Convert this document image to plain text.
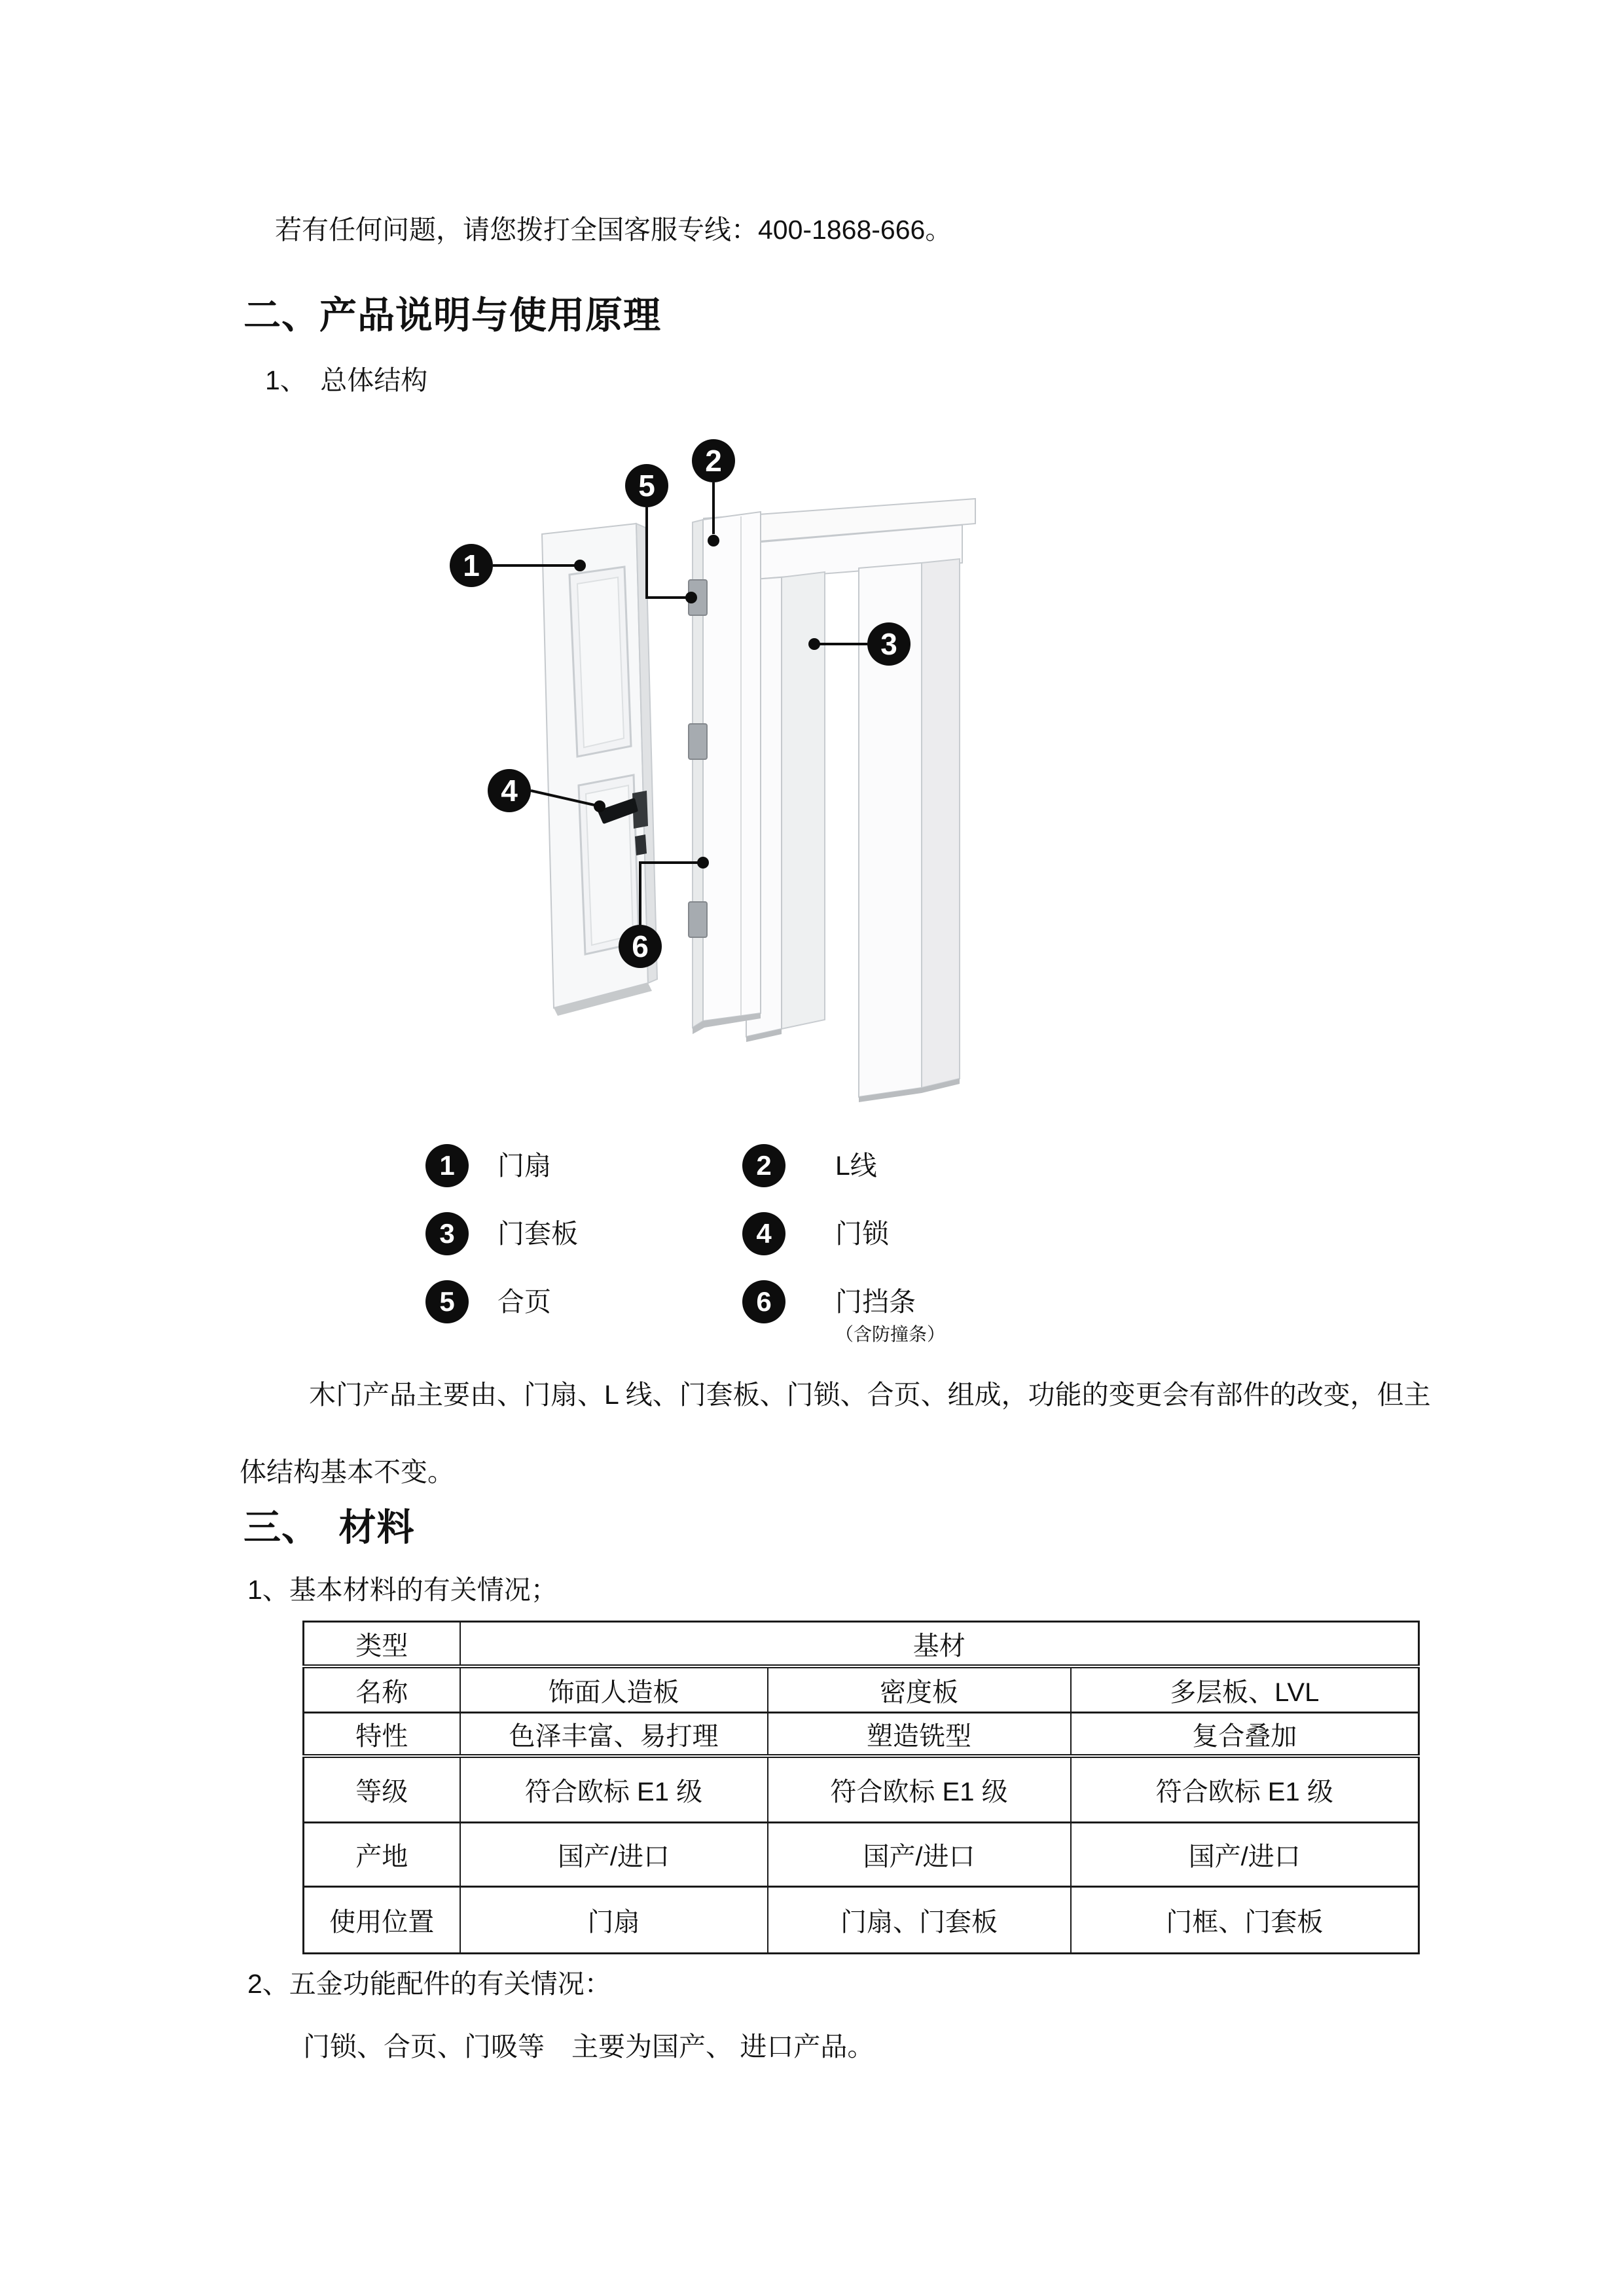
若有任何问题，请您拨打全国客服专线：400-1868-666。
二、产品说明与使用原理
1、　总体结构
1
2
3
4
5
6
1	门扇	2	L线
3	门套板	4	门锁
5	合页	6	门挡条
（含防撞条）
木门产品主要由、门扇、L 线、门套板、门锁、合页、组成，功能的变更会有部件的改变，但主
体结构基本不变。
三、　材料
1、基本材料的有关情况；
类型	基材		
名称	饰面人造板	密度板	多层板、LVL
特性	色泽丰富、易打理	塑造铣型	复合叠加
等级	符合欧标 E1 级	符合欧标 E1 级	符合欧标 E1 级
产地	国产/进口	国产/进口	国产/进口
使用位置	门扇	门扇、门套板	门框、门套板
2、五金功能配件的有关情况：
门锁、合页、门吸等　主要为国产、 进口产品。
